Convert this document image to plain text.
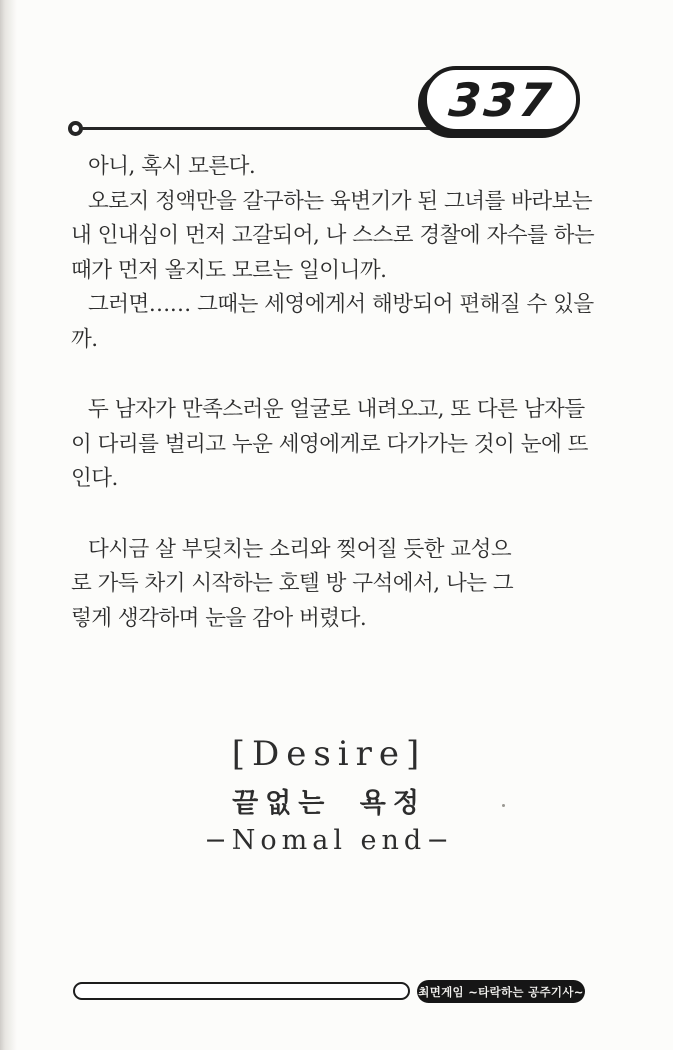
337
아니, 혹시 모른다.
오로지 정액만을 갈구하는 육변기가 된 그녀를 바라보는
내 인내심이 먼저 고갈되어, 나 스스로 경찰에 자수를 하는
때가 먼저 올지도 모르는 일이니까.
그러면…… 그때는 세영에게서 해방되어 편해질 수 있을
까.
두 남자가 만족스러운 얼굴로 내려오고, 또 다른 남자들
이 다리를 벌리고 누운 세영에게로 다가가는 것이 눈에 뜨
인다.
다시금 살 부딪치는 소리와 찢어질 듯한 교성으
로 가득 차기 시작하는 호텔 방 구석에서, 나는 그
렇게 생각하며 눈을 감아 버렸다.
[Desire]
끝없는 욕정
−Nomal end−
최면게임 ~타락하는 공주기사~
